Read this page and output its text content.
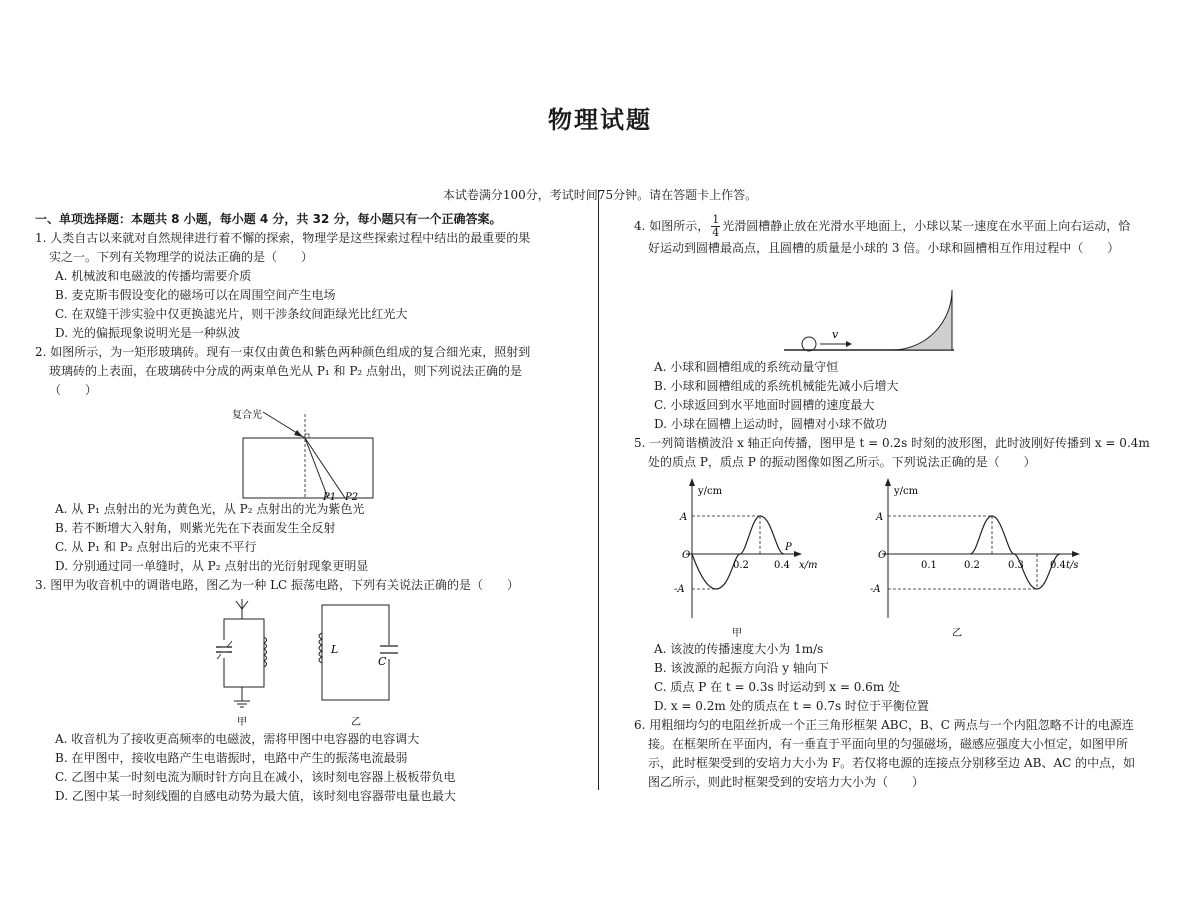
物理试题
本试卷满分100分，考试时间75分钟。请在答题卡上作答。
一、单项选择题：本题共 8 小题，每小题 4 分，共 32 分，每小题只有一个正确答案。

1. 人类自古以来就对自然规律进行着不懈的探索，物理学是这些探索过程中结出的最重要的果

实之一。下列有关物理学的说法正确的是（　　）

A. 机械波和电磁波的传播均需要介质

B. 麦克斯韦假设变化的磁场可以在周围空间产生电场

C. 在双缝干涉实验中仅更换滤光片，则干涉条纹间距绿光比红光大

D. 光的偏振现象说明光是一种纵波

2. 如图所示，为一矩形玻璃砖。现有一束仅由黄色和紫色两种颜色组成的复合细光束，照射到

玻璃砖的上表面，在玻璃砖中分成的两束单色光从 P₁ 和 P₂ 点射出，则下列说法正确的是

（　　）

复合光
P1 P2

A. 从 P₁ 点射出的光为黄色光，从 P₂ 点射出的光为紫色光

B. 若不断增大入射角，则紫光先在下表面发生全反射

C. 从 P₁ 和 P₂ 点射出后的光束不平行

D. 分别通过同一单缝时，从 P₂ 点射出的光衍射现象更明显

3. 图甲为收音机中的调谐电路，图乙为一种 LC 振荡电路，下列有关说法正确的是（　　）

甲
L
C
乙

A. 收音机为了接收更高频率的电磁波，需将甲图中电容器的电容调大

B. 在甲图中，接收电路产生电谐振时，电路中产生的振荡电流最弱

C. 乙图中某一时刻电流为顺时针方向且在减小，该时刻电容器上极板带负电

D. 乙图中某一时刻线圈的自感电动势为最大值，该时刻电容器带电量也最大

4. 如图所示， $\frac{1}{4}$ 光滑圆槽静止放在光滑水平地面上，小球以某一速度在水平面上向右运动，恰

好运动到圆槽最高点，且圆槽的质量是小球的 3 倍。小球和圆槽相互作用过程中（　　）

v

A. 小球和圆槽组成的系统动量守恒

B. 小球和圆槽组成的系统机械能先减小后增大

C. 小球返回到水平地面时圆槽的速度最大

D. 小球在圆槽上运动时，圆槽对小球不做功

5. 一列简谐横波沿 x 轴正向传播，图甲是 t = 0.2s 时刻的波形图，此时波刚好传播到 x = 0.4m

处的质点 P，质点 P 的振动图像如图乙所示。下列说法正确的是（　　）

y/cm
x/m
O
A
-A
0.2	0.4
P
甲
y/cm
t/s
O
A
-A
0.1	0.2	0.3	0.4
乙

A. 该波的传播速度大小为 1m/s

B. 该波源的起振方向沿 y 轴向下

C. 质点 P 在 t = 0.3s 时运动到 x = 0.6m 处

D. x = 0.2m 处的质点在 t = 0.7s 时位于平衡位置

6. 用粗细均匀的电阻丝折成一个正三角形框架 ABC，B、C 两点与一个内阻忽略不计的电源连

接。在框架所在平面内，有一垂直于平面向里的匀强磁场，磁感应强度大小恒定，如图甲所

示，此时框架受到的安培力大小为 F。若仅将电源的连接点分别移至边 AB、AC 的中点，如

图乙所示，则此时框架受到的安培力大小为（　　）
